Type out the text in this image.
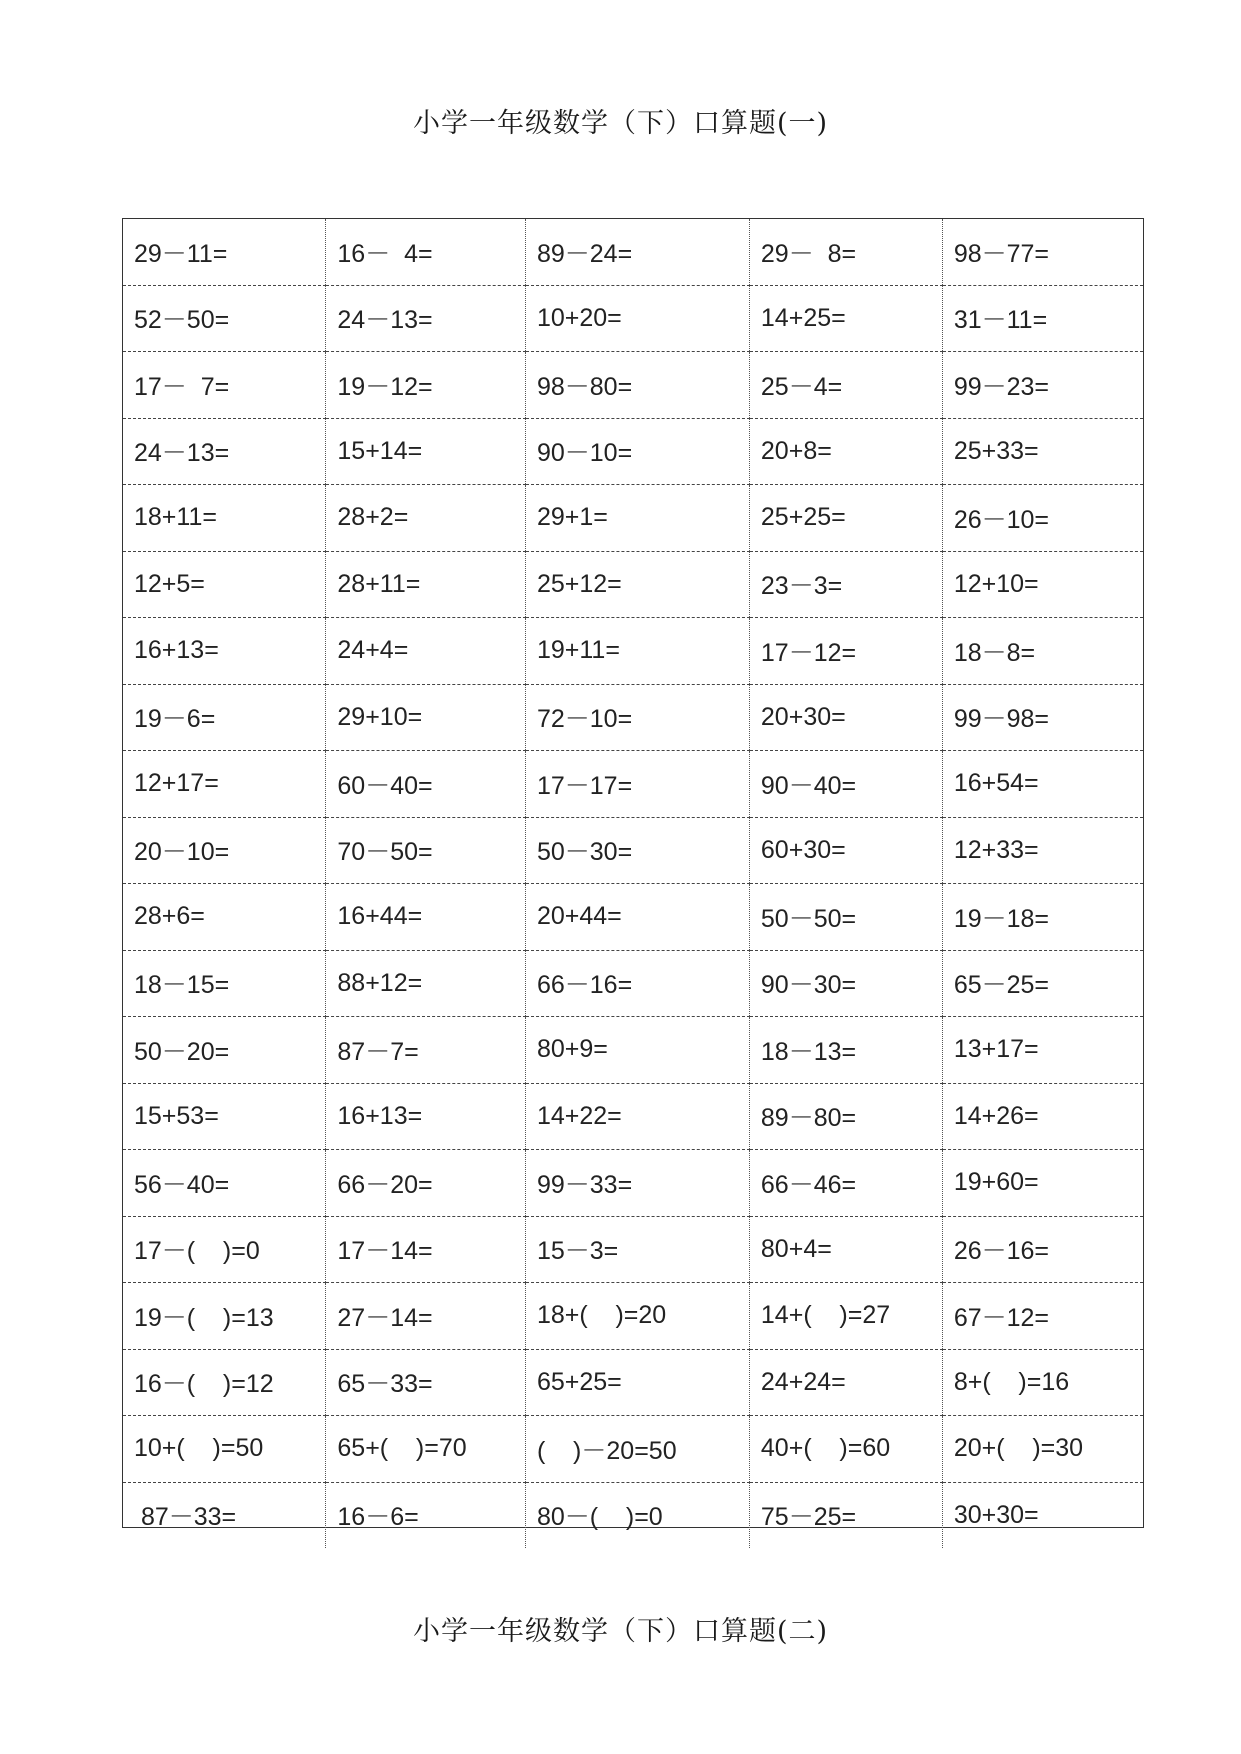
小学一年级数学（下）口算题(一)
29－11=	16－  4=	89－24=	29－  8=	98－77=
52－50=	24－13=	10+20=	14+25=	31－11=
17－  7=	19－12=	98－80=	25－4=	99－23=
24－13=	15+14=	90－10=	20+8=	25+33=
18+11=	28+2=	29+1=	25+25=	26－10=
12+5=	28+11=	25+12=	23－3=	12+10=
16+13=	24+4=	19+11=	17－12=	18－8=
19－6=	29+10=	72－10=	20+30=	99－98=
12+17=	60－40=	17－17=	90－40=	16+54=
20－10=	70－50=	50－30=	60+30=	12+33=
28+6=	16+44=	20+44=	50－50=	19－18=
18－15=	88+12=	66－16=	90－30=	65－25=
50－20=	87－7=	80+9=	18－13=	13+17=
15+53=	16+13=	14+22=	89－80=	14+26=
56－40=	66－20=	99－33=	66－46=	19+60=
17－(    )=0	17－14=	15－3=	80+4=	26－16=
19－(    )=13	27－14=	18+(    )=20	14+(    )=27	67－12=
16－(    )=12	65－33=	65+25=	24+24=	8+(    )=16
10+(    )=50	65+(    )=70	(    )－20=50	40+(    )=60	20+(    )=30
87－33=	16－6=	80－(    )=0	75－25=	30+30=
小学一年级数学（下）口算题(二)
